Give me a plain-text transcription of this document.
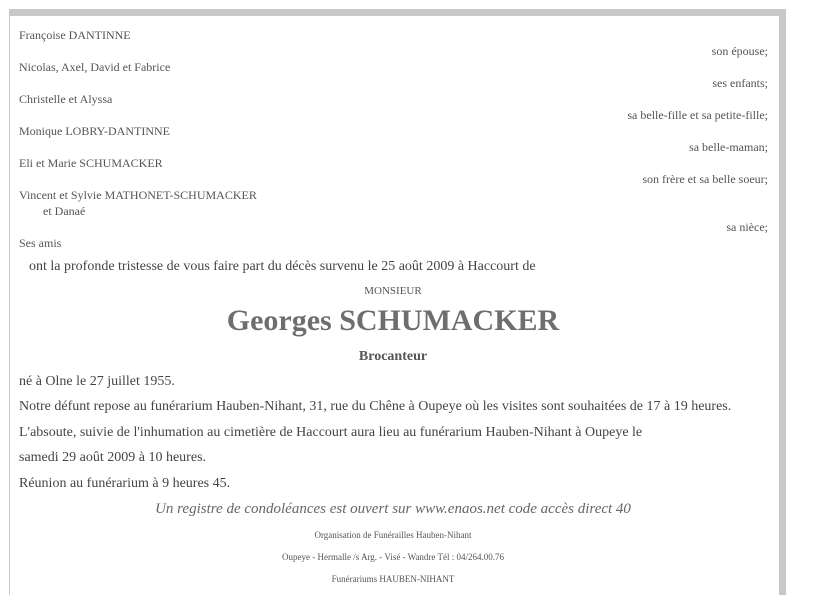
Françoise DANTINNE
son épouse;
Nicolas, Axel, David et Fabrice
ses enfants;
Christelle et Alyssa
sa belle-fille et sa petite-fille;
Monique LOBRY-DANTINNE
sa belle-maman;
Eli et Marie SCHUMACKER
son frère et sa belle soeur;
Vincent et Sylvie MATHONET-SCHUMACKER
et Danaé
sa nièce;
Ses amis
ont la profonde tristesse de vous faire part du décès survenu le 25 août 2009 à Haccourt de
MONSIEUR
Georges SCHUMACKER
Brocanteur
né à Olne le 27 juillet 1955.
Notre défunt repose au funérarium Hauben-Nihant, 31, rue du Chêne à Oupeye où les visites sont souhaitées de 17 à 19 heures.
L'absoute, suivie de l'inhumation au cimetière de Haccourt aura lieu au funérarium Hauben-Nihant à Oupeye le
samedi 29 août 2009 à 10 heures.
Réunion au funérarium à 9 heures 45.
Un registre de condoléances est ouvert sur www.enaos.net code accès direct 40
Organisation de Funérailles Hauben-Nihant
Oupeye - Hermalle /s Arg. - Visé - Wandre Tél : 04/264.00.76
Funérariums HAUBEN-NIHANT
